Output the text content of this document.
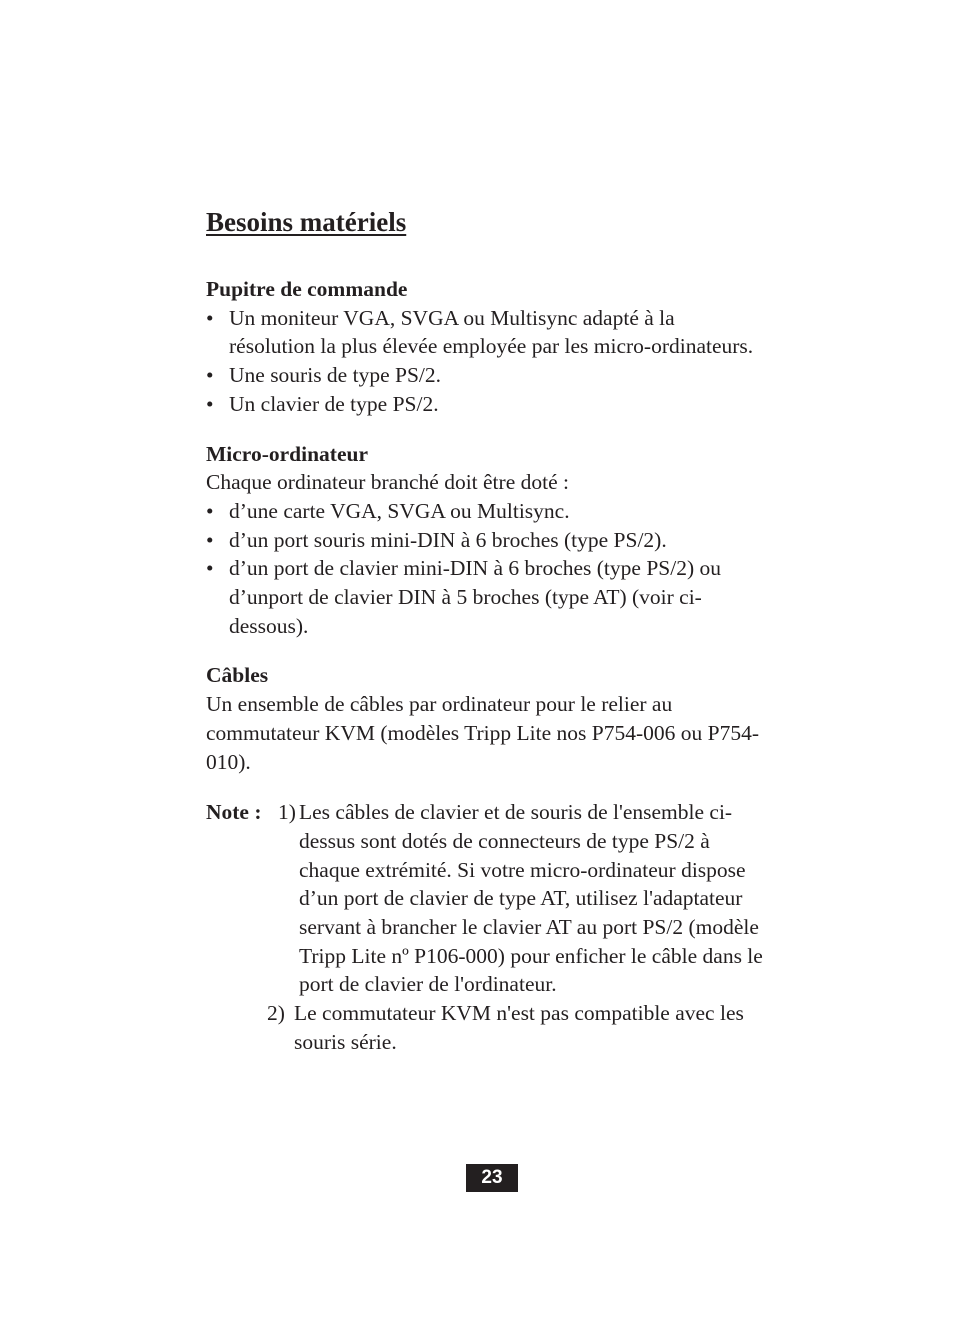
Besoins matériels
Pupitre de commande
• Un moniteur VGA, SVGA ou Multisync adapté à la résolution la plus élevée employée par les micro-ordinateurs.
• Une souris de type PS/2.
• Un clavier de type PS/2.
Micro-ordinateur

Chaque ordinateur branché doit être doté :

• d’une carte VGA, SVGA ou Multisync.
• d’un port souris mini-DIN à 6 broches (type PS/2).
• d’un port de clavier mini-DIN à 6 broches (type PS/2) ou d’unport de clavier DIN à 5 broches (type AT) (voir ci-dessous).
Câbles

Un ensemble de câbles par ordinateur pour le relier au commutateur KVM (modèles Tripp Lite nos P754-006 ou P754-010).

Note : 1) Les câbles de clavier et de souris de l'ensemble ci-dessus sont dotés de connecteurs de type PS/2 à chaque extrémité. Si votre micro-ordinateur dispose d’un port de clavier de type AT, utilisez l'adaptateur servant à brancher le clavier AT au port PS/2 (modèle Tripp Lite nº P106-000) pour enficher le câble dans le port de clavier de l'ordinateur.
2) Le commutateur KVM n'est pas compatible avec les souris série.
23
